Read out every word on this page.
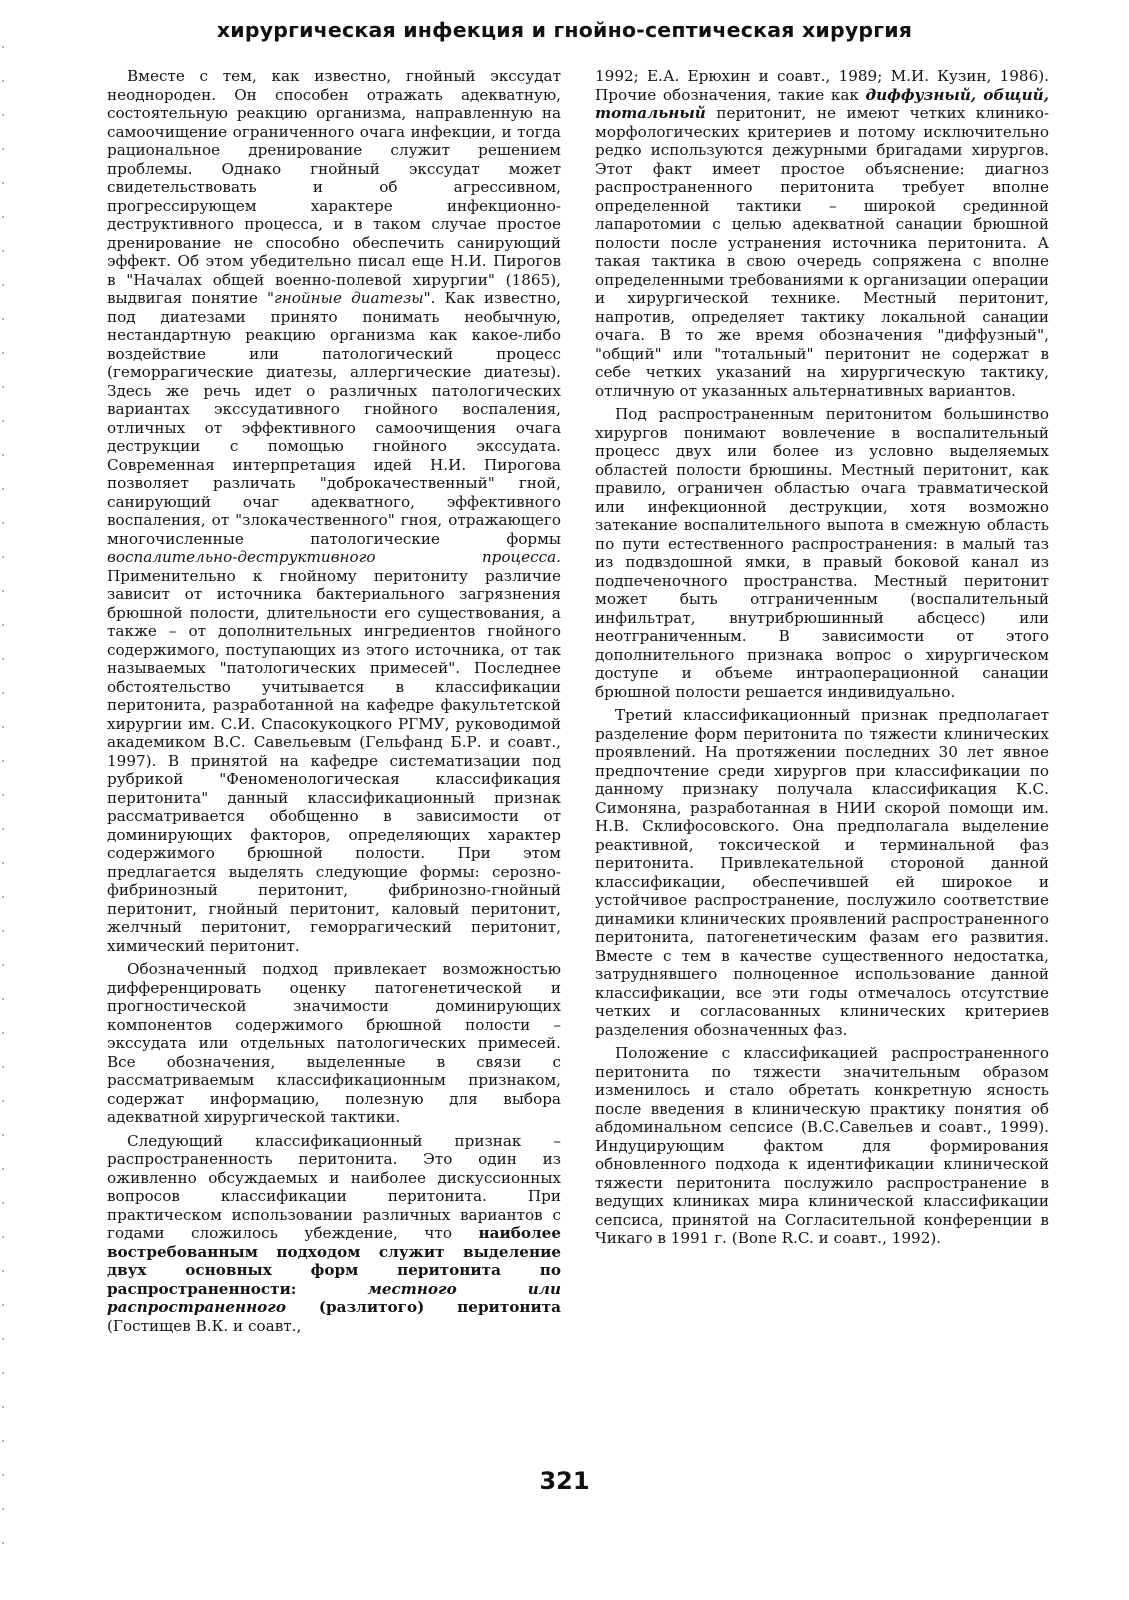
хирургическая инфекция и гнойно-септическая хирургия

Вместе с тем, как известно, гнойный экссудат неоднороден. Он способен отражать адекватную, состоятельную реакцию организма, направленную на самоочищение ограниченного очага инфекции, и тогда рациональное дренирование служит решением проблемы. Однако гнойный экссудат может свидетельствовать и об агрессивном, прогрессирующем характере инфекционно-деструктивного процесса, и в таком случае простое дренирование не способно обеспечить санирующий эффект. Об этом убедительно писал еще Н.И. Пирогов в "Началах общей военно-полевой хирургии" (1865), выдвигая понятие "гнойные диатезы". Как известно, под диатезами принято понимать необычную, нестандартную реакцию организма как какое-либо воздействие или патологический процесс (геморрагические диатезы, аллергические диатезы). Здесь же речь идет о различных патологических вариантах экссудативного гнойного воспаления, отличных от эффективного самоочищения очага деструкции с помощью гнойного экссудата. Современная интерпретация идей Н.И. Пирогова позволяет различать "доброкачественный" гной, санирующий очаг адекватного, эффективного воспаления, от "злокачественного" гноя, отражающего многочисленные патологические формы воспалительно-деструктивного процесса. Применительно к гнойному перитониту различие зависит от источника бактериального загрязнения брюшной полости, длительности его существования, а также – от дополнительных ингредиентов гнойного содержимого, поступающих из этого источника, от так называемых "патологических примесей". Последнее обстоятельство учитывается в классификации перитонита, разработанной на кафедре факультетской хирургии им. С.И. Спасокукоцкого РГМУ, руководимой академиком В.С. Савельевым (Гельфанд Б.Р. и соавт., 1997). В принятой на кафедре систематизации под рубрикой "Феноменологическая классификация перитонита" данный классификационный признак рассматривается обобщенно в зависимости от доминирующих факторов, определяющих характер содержимого брюшной полости. При этом предлагается выделять следующие формы: серозно-фибринозный перитонит, фибринозно-гнойный перитонит, гнойный перитонит, каловый перитонит, желчный перитонит, геморрагический перитонит, химический перитонит.

Обозначенный подход привлекает возможностью дифференцировать оценку патогенетической и прогностической значимости доминирующих компонентов содержимого брюшной полости – экссудата или отдельных патологических примесей. Все обозначения, выделенные в связи с рассматриваемым классификационным признаком, содержат информацию, полезную для выбора адекватной хирургической тактики.

Следующий классификационный признак – распространенность перитонита. Это один из оживленно обсуждаемых и наиболее дискуссионных вопросов классификации перитонита. При практическом использовании различных вариантов с годами сложилось убеждение, что наиболее востребованным подходом служит выделение двух основных форм перитонита по распространенности: местного или распространенного (разлитого) перитонита (Гостищев В.К. и соавт.,

1992; Е.А. Ерюхин и соавт., 1989; М.И. Кузин, 1986). Прочие обозначения, такие как диффузный, общий, тотальный перитонит, не имеют четких клинико-морфологических критериев и потому исключительно редко используются дежурными бригадами хирургов. Этот факт имеет простое объяснение: диагноз распространенного перитонита требует вполне определенной тактики – широкой срединной лапаротомии с целью адекватной санации брюшной полости после устранения источника перитонита. А такая тактика в свою очередь сопряжена с вполне определенными требованиями к организации операции и хирургической технике. Местный перитонит, напротив, определяет тактику локальной санации очага. В то же время обозначения "диффузный", "общий" или "тотальный" перитонит не содержат в себе четких указаний на хирургическую тактику, отличную от указанных альтернативных вариантов.

Под распространенным перитонитом большинство хирургов понимают вовлечение в воспалительный процесс двух или более из условно выделяемых областей полости брюшины. Местный перитонит, как правило, ограничен областью очага травматической или инфекционной деструкции, хотя возможно затекание воспалительного выпота в смежную область по пути естественного распространения: в малый таз из подвздошной ямки, в правый боковой канал из подпеченочного пространства. Местный перитонит может быть отграниченным (воспалительный инфильтрат, внутрибрюшинный абсцесс) или неотграниченным. В зависимости от этого дополнительного признака вопрос о хирургическом доступе и объеме интраоперационной санации брюшной полости решается индивидуально.

Третий классификационный признак предполагает разделение форм перитонита по тяжести клинических проявлений. На протяжении последних 30 лет явное предпочтение среди хирургов при классификации по данному признаку получала классификация К.С. Симоняна, разработанная в НИИ скорой помощи им. Н.В. Склифосовского. Она предполагала выделение реактивной, токсической и терминальной фаз перитонита. Привлекательной стороной данной классификации, обеспечившей ей широкое и устойчивое распространение, послужило соответствие динамики клинических проявлений распространенного перитонита, патогенетическим фазам его развития. Вместе с тем в качестве существенного недостатка, затруднявшего полноценное использование данной классификации, все эти годы отмечалось отсутствие четких и согласованных клинических критериев разделения обозначенных фаз.

Положение с классификацией распространенного перитонита по тяжести значительным образом изменилось и стало обретать конкретную ясность после введения в клиническую практику понятия об абдоминальном сепсисе (В.С.Савельев и соавт., 1999). Индуцирующим фактом для формирования обновленного подхода к идентификации клинической тяжести перитонита послужило распространение в ведущих клиниках мира клинической классификации сепсиса, принятой на Согласительной конференции в Чикаго в 1991 г. (Bone R.C. и соавт., 1992).

321
